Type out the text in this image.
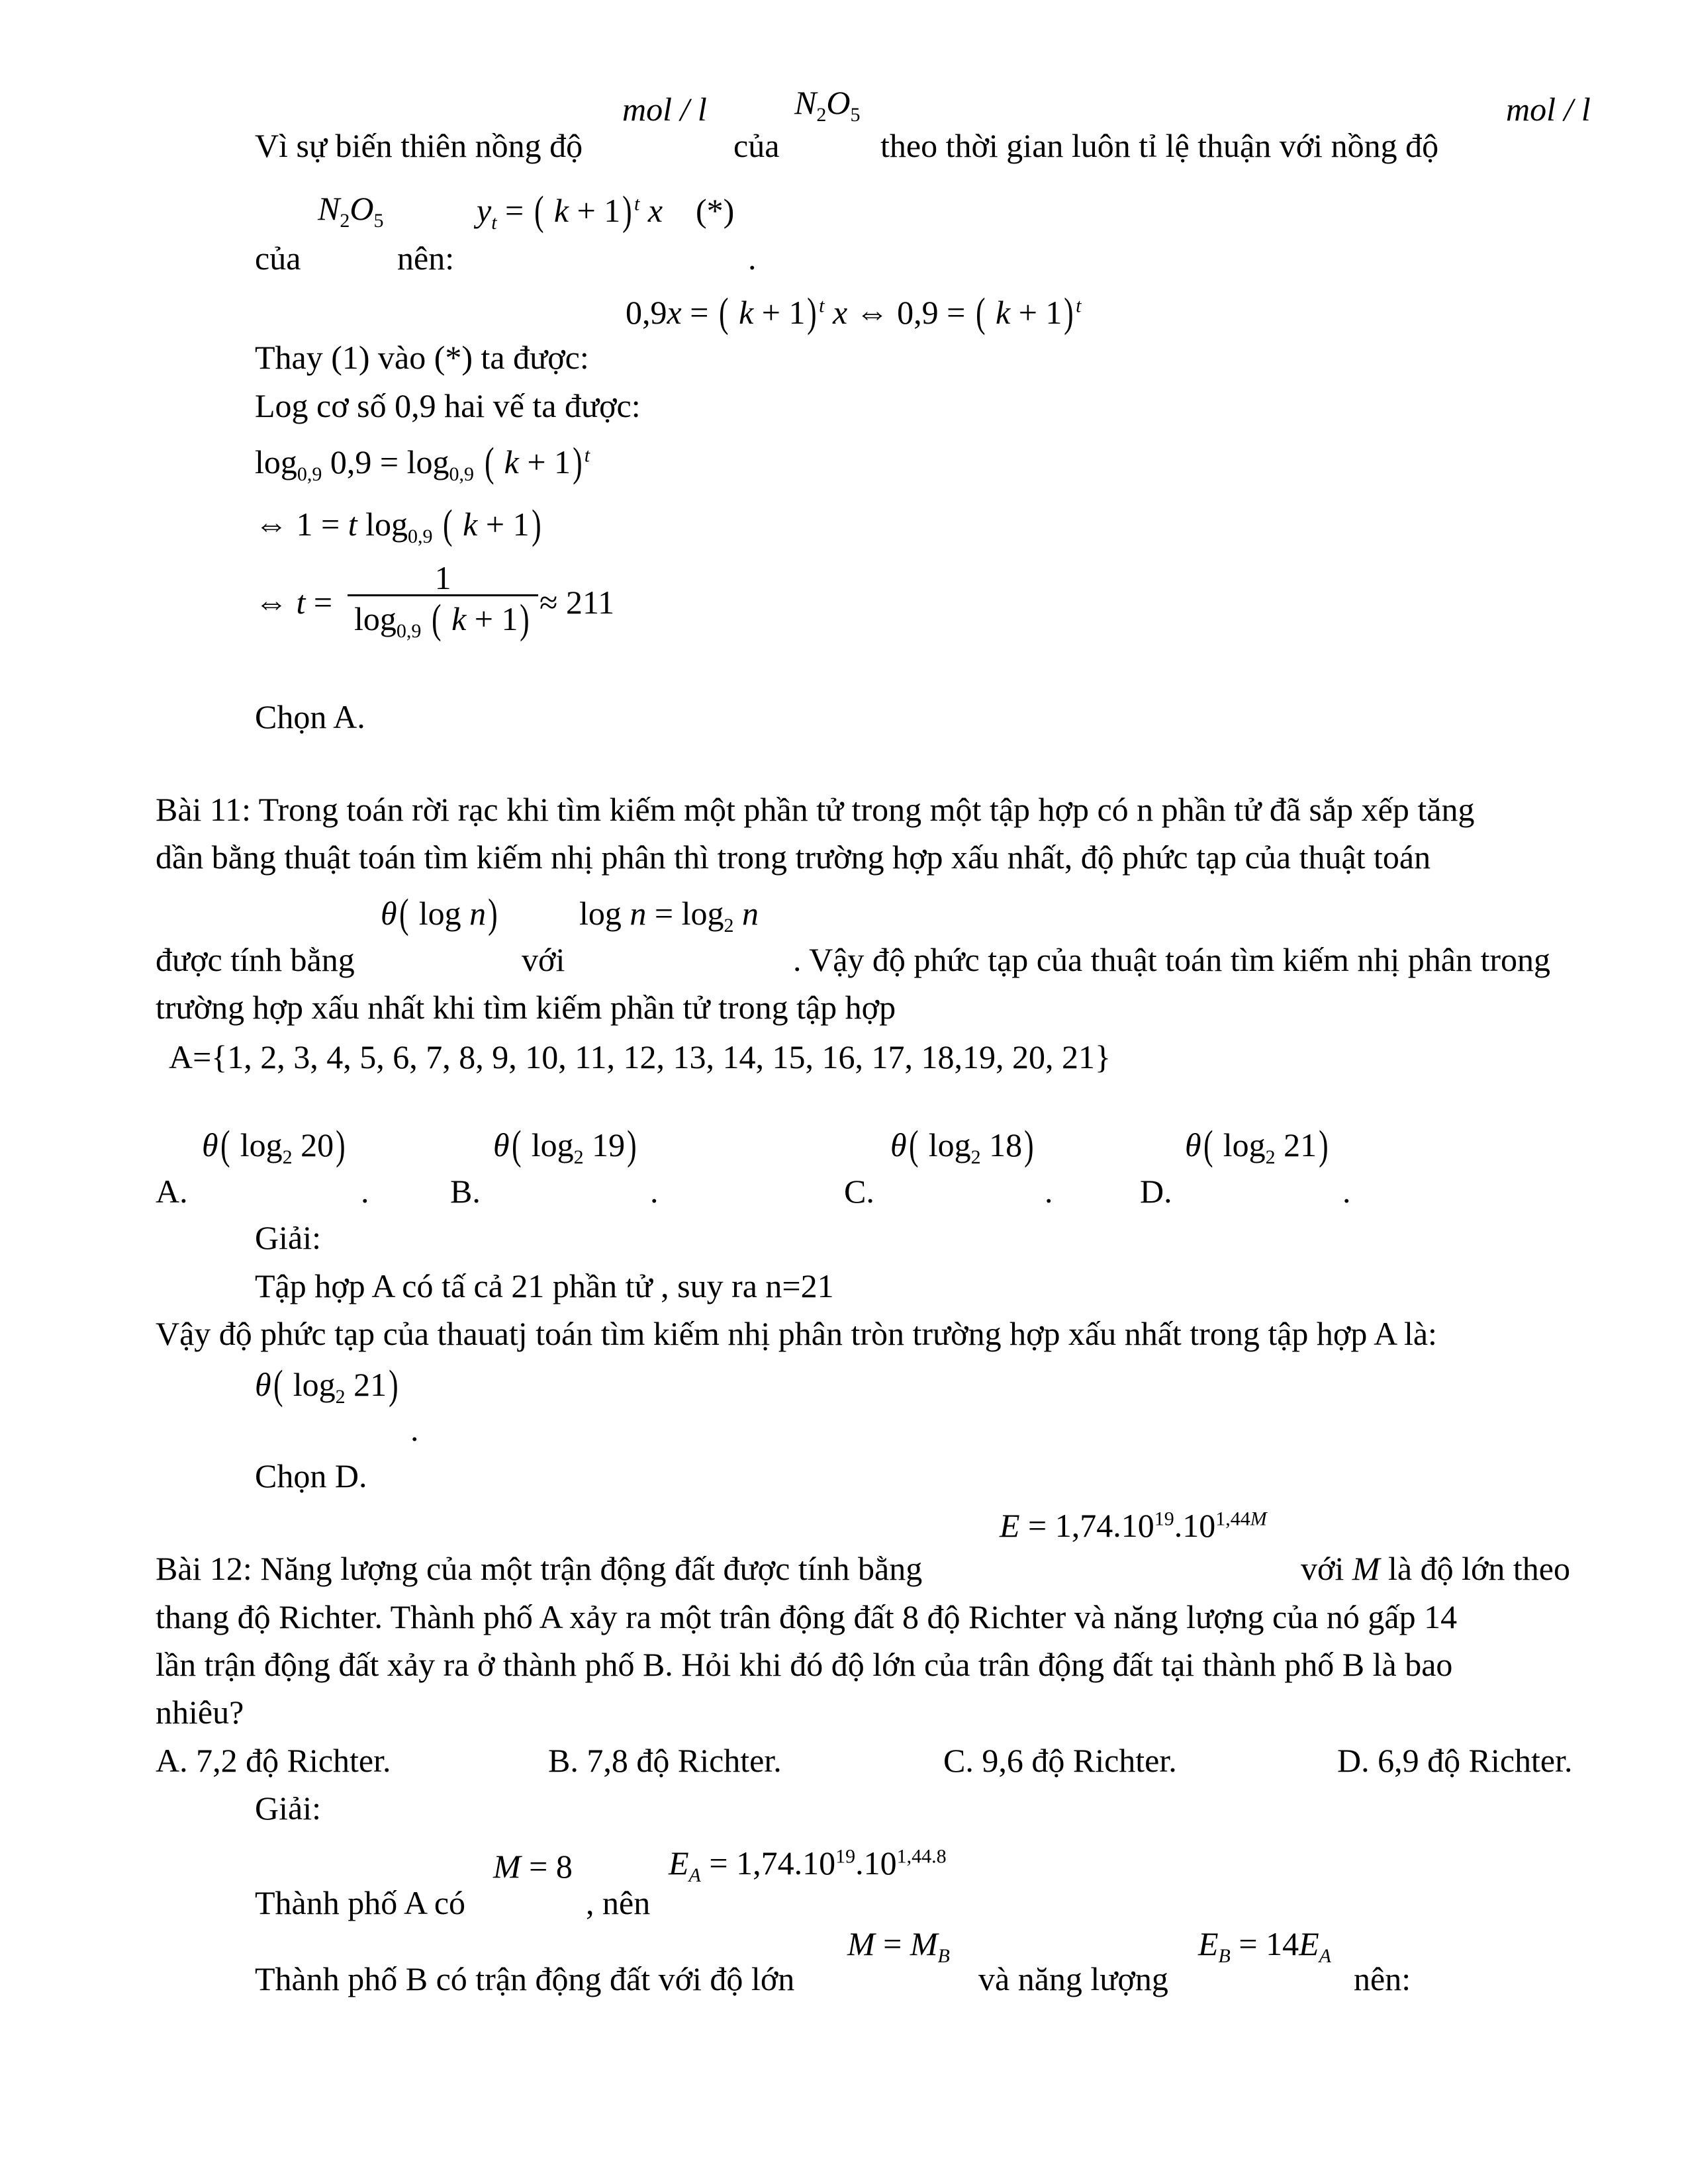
mol / l	$N_2O_5$	mol / l
Vì sự biến thiên nồng độ	của	theo thời gian luôn tỉ lệ thuận với nồng độ
$N_2O_5$	$y_t$ = ( k + 1) $^t$ x    (*)
của	nên:	.
0,9x = ( k + 1) $^t$ x ⇔ 0,9 = ( k + 1) $^t$
Thay (1) vào (*) ta được:
Log cơ số 0,9 hai vế ta được:
$\log_{0,9} 0,9 = \log_{0,9}$ ( k + 1) $^t$
⇔ 1 = t $\log_{0,9}$ ( k + 1)
⇔ t =
1
$\log_{0,9}$ ( k + 1) ≈ 211
Chọn A.
Bài 11: Trong toán rời rạc khi tìm kiếm một phần tử trong một tập hợp có n phần tử đã sắp xếp tăng
dần bằng thuật toán tìm kiếm nhị phân thì trong trường hợp xấu nhất, độ phức tạp của thuật toán
θ( log n) $\log n = \log_2 n$
được tính bằng	với	. Vậy độ phức tạp của thuật toán tìm kiếm nhị phân trong
trường hợp xấu nhất khi tìm kiếm phần tử trong tập hợp
A={1, 2, 3, 4, 5, 6, 7, 8, 9, 10, 11, 12, 13, 14, 15, 16, 17, 18,19, 20, 21}
θ( $\log_2 20$)	θ( $\log_2 19$)	θ( $\log_2 18$)	θ( $\log_2 21$)
A.	. B.	.	C.	.	D.	.
Giải:
Tập hợp A có tấ cả 21 phần tử , suy ra n=21
Vậy độ phức tạp của thauatj toán tìm kiếm nhị phân tròn trường hợp xấu nhất trong tập hợp A là:
θ( $\log_2 21$)
.
Chọn D.
$E = 1,74.10^{19}.10^{1,44M}$
Bài 12: Năng lượng của một trận động đất được tính bằng	với M là độ lớn theo
thang độ Richter. Thành phố A xảy ra một trân động đất 8 độ Richter và năng lượng của nó gấp 14
lần trận động đất xảy ra ở thành phố B. Hỏi khi đó độ lớn của trân động đất tại thành phố B là bao
nhiêu?
A. 7,2 độ Richter.	B. 7,8 độ Richter.	C. 9,6 độ Richter.	D. 6,9 độ Richter.
Giải:
M = 8	$E_A = 1,74.10^{19}.10^{1,44.8}$
Thành phố A có	, nên
$M = M_B$	$E_B = 14E_A$
Thành phố B có trận động đất với độ lớn	và năng lượng	nên:
